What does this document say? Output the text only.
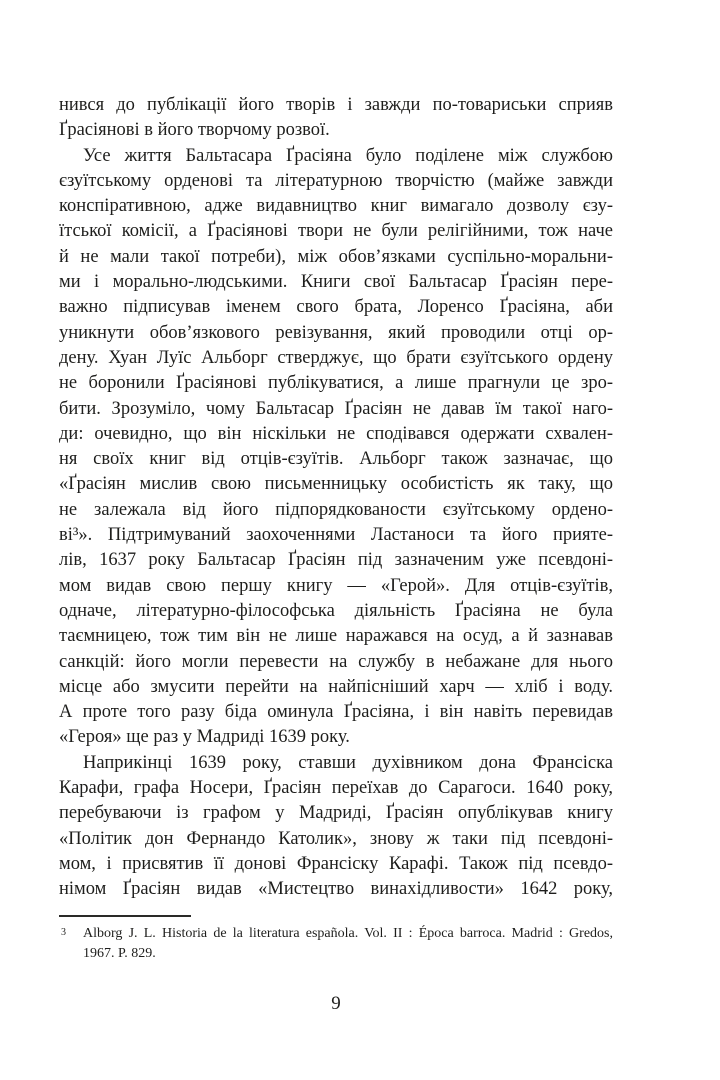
нився до публікації його творів і завжди по-товариськи сприяв
Ґрасіянові в його творчому розвої.
Усе життя Бальтасара Ґрасіяна було поділене між службою
єзуїтському орденові та літературною творчістю (майже завжди
конспіративною, адже видавництво книг вимагало дозволу єзу-
їтської комісії, а Ґрасіянові твори не були релігійними, тож наче
й не мали такої потреби), між обов’язками суспільно-моральни-
ми і морально-людськими. Книги свої Бальтасар Ґрасіян пере-
важно підписував іменем свого брата, Лоренсо Ґрасіяна, аби
уникнути обов’язкового ревізування, який проводили отці ор-
дену. Хуан Луїс Альборг стверджує, що брати єзуїтського ордену
не боронили Ґрасіянові публікуватися, а лише прагнули це зро-
бити. Зрозуміло, чому Бальтасар Ґрасіян не давав їм такої наго-
ди: очевидно, що він ніскільки не сподівався одержати схвален-
ня своїх книг від отців-єзуїтів. Альборг також зазначає, що
«Ґрасіян мислив свою письменницьку особистість як таку, що
не залежала від його підпорядкованости єзуїтському ордено-
ві³». Підтримуваний заохоченнями Ластаноси та його прияте-
лів, 1637 року Бальтасар Ґрасіян під зазначеним уже псевдоні-
мом видав свою першу книгу — «Герой». Для отців-єзуїтів,
одначе, літературно-філософська діяльність Ґрасіяна не була
таємницею, тож тим він не лише наражався на осуд, а й зазнавав
санкцій: його могли перевести на службу в небажане для нього
місце або змусити перейти на найпісніший харч — хліб і воду.
А проте того разу біда оминула Ґрасіяна, і він навіть перевидав
«Героя» ще раз у Мадриді 1639 року.
Наприкінці 1639 року, ставши духівником дона Франсіска
Карафи, графа Носери, Ґрасіян переїхав до Сарагоси. 1640 року,
перебуваючи із графом у Мадриді, Ґрасіян опублікував книгу
«Політик дон Фернандо Католик», знову ж таки під псевдоні-
мом, і присвятив її донові Франсіску Карафі. Також під псевдо-
німом Ґрасіян видав «Мистецтво винахідливости» 1642 року,
3 Alborg J. L. Historia de la literatura española. Vol. II : Época barroca. Madrid : Gredos,
1967. P. 829.
9
